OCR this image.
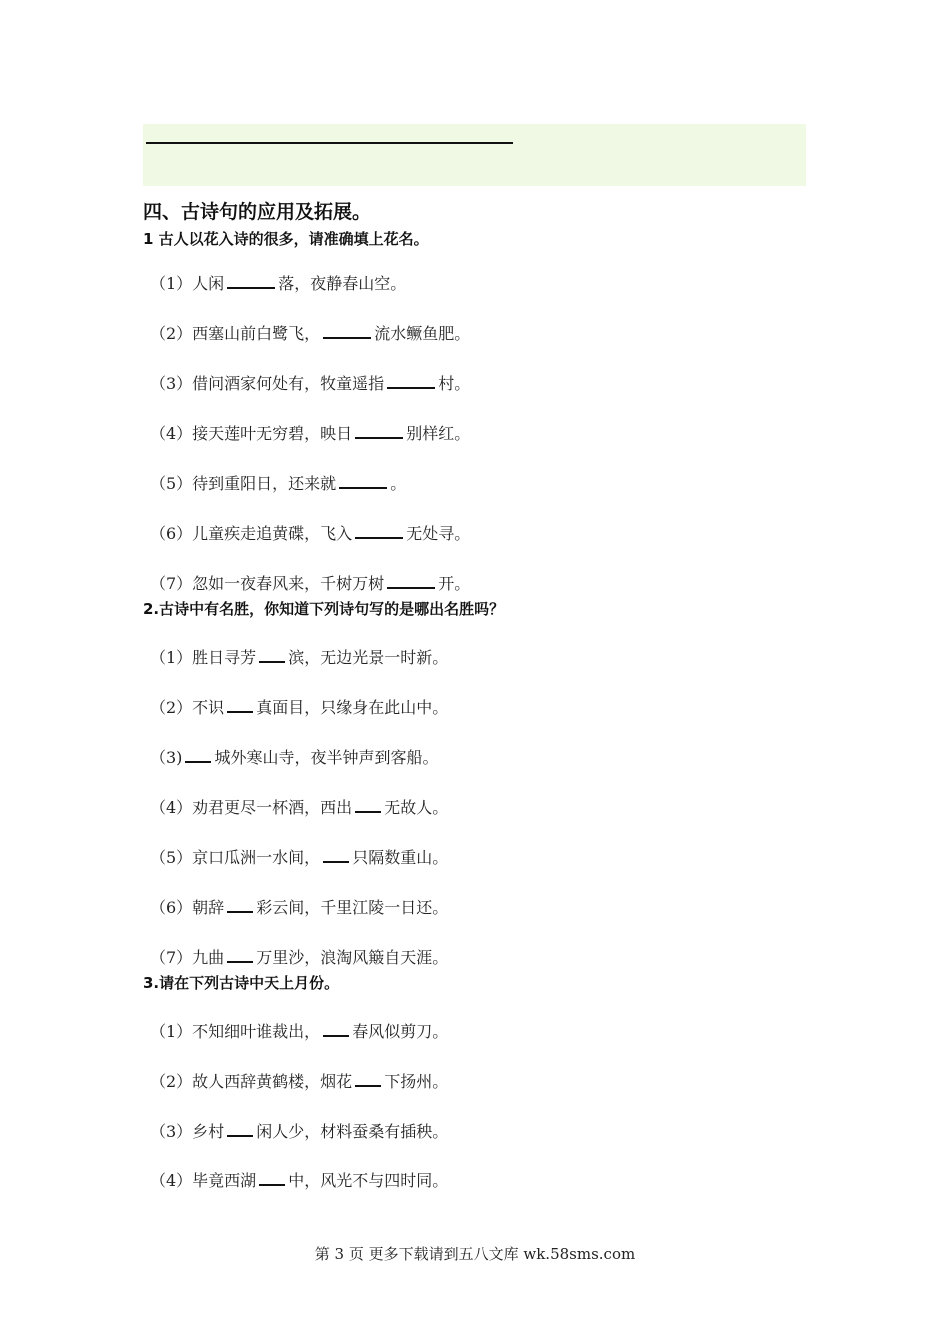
四、古诗句的应用及拓展。
1 古人以花入诗的很多，请准确填上花名。
（1）人闲	落，夜静春山空。
（2）西塞山前白鹭飞，	流水鳜鱼肥。
（3）借问酒家何处有，牧童遥指	村。
（4）接天莲叶无穷碧，映日	别样红。
（5）待到重阳日，还来就	。
（6）儿童疾走追黄碟，飞入	无处寻。
（7）忽如一夜春风来，千树万树	开。
2.古诗中有名胜，你知道下列诗句写的是哪出名胜吗？
（1）胜日寻芳 滨，无边光景一时新。
（2）不识 真面目，只缘身在此山中。
（3) 城外寒山寺，夜半钟声到客船。
（4）劝君更尽一杯酒，西出 无故人。
（5）京口瓜洲一水间， 只隔数重山。
（6）朝辞 彩云间，千里江陵一日还。
（7）九曲 万里沙，浪淘风簸自天涯。
3.请在下列古诗中天上月份。
（1）不知细叶谁裁出， 春风似剪刀。
（2）故人西辞黄鹤楼，烟花 下扬州。
（3）乡村 闲人少，材料蚕桑有插秧。
（4）毕竟西湖 中，风光不与四时同。
第 3 页 更多下载请到五八文库 wk.58sms.com
